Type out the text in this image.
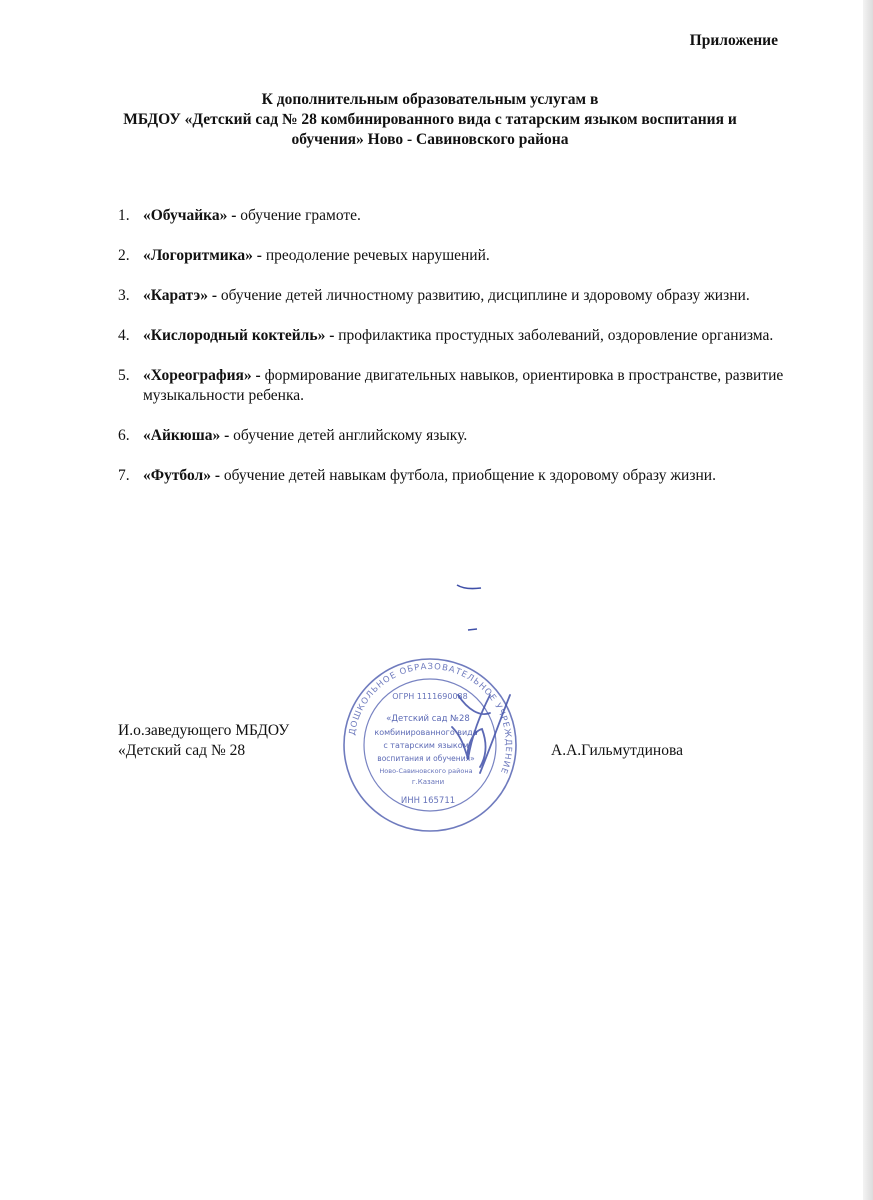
Приложение
К дополнительным образовательным услугам в
МБДОУ «Детский сад № 28 комбинированного вида с татарским языком воспитания и
обучения» Ново - Савиновского района
1. «Обучайка» - обучение грамоте.
2. «Логоритмика» - преодоление речевых нарушений.
3. «Каратэ» - обучение детей личностному развитию, дисциплине и здоровому образу жизни.
4. «Кислородный коктейль» - профилактика простудных заболеваний, оздоровление организма.
5. «Хореография» - формирование двигательных навыков, ориентировка в пространстве, развитие музыкальности ребенка.
6. «Айкюша» - обучение детей английскому языку.
7. «Футбол» - обучение детей навыкам футбола, приобщение к здоровому образу жизни.
И.о.заведующего МБДОУ
«Детский сад № 28	А.А.Гильмутдинова
ДОШКОЛЬНОЕ ОБРАЗОВАТЕЛЬНОЕ УЧРЕЖДЕНИЕ
ОГРН 1111690088
«Детский сад №28
комбинированного вида
с татарским языком
воспитания и обучения»
Ново-Савиновского района
г.Казани
ИНН 165711
